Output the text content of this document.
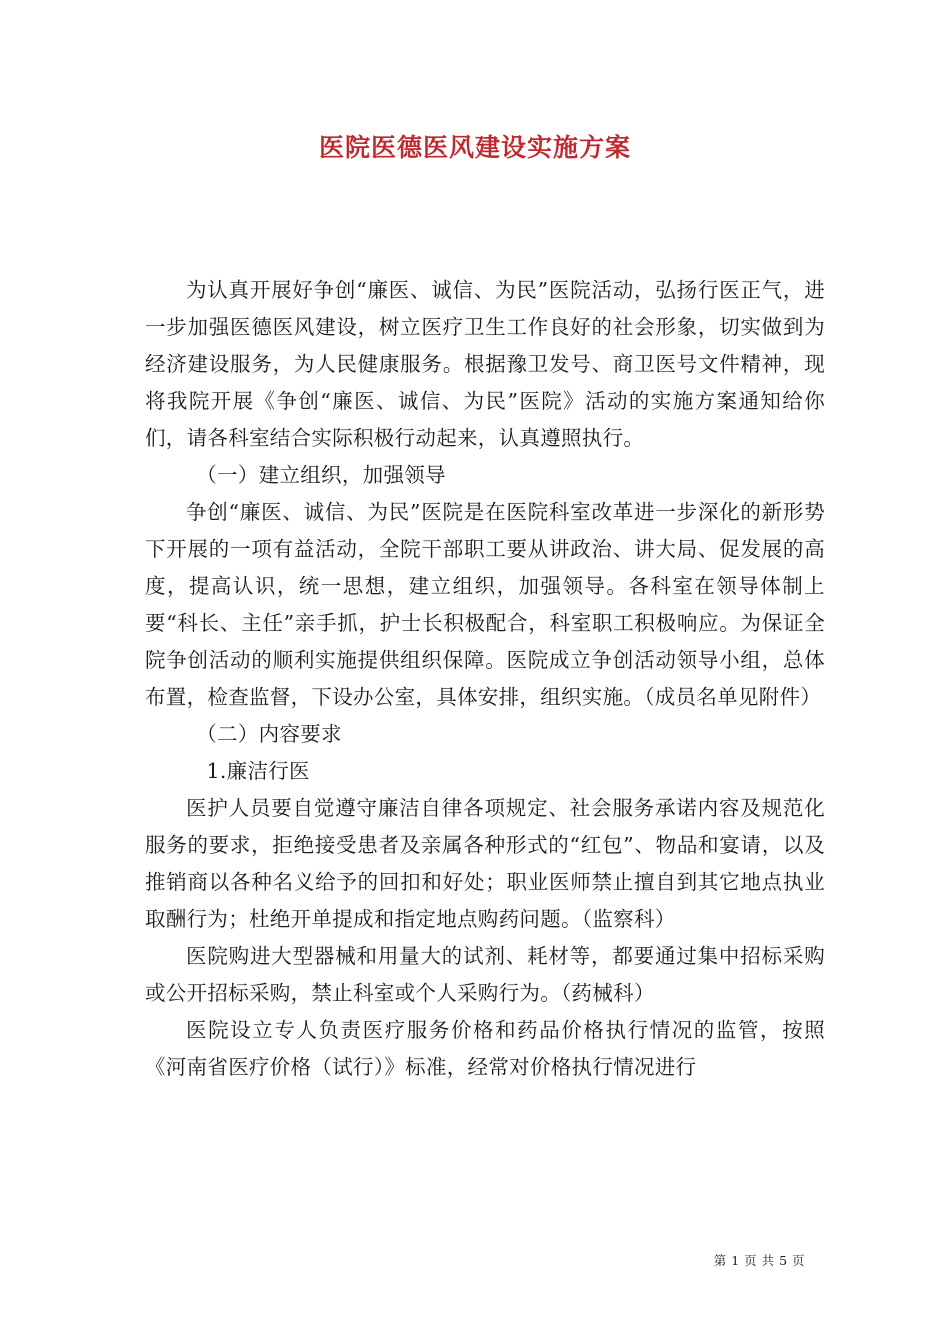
医院医德医风建设实施方案

为认真开展好争创“廉医、诚信、为民”医院活动，弘扬行医正气，进一步加强医德医风建设，树立医疗卫生工作良好的社会形象，切实做到为经济建设服务，为人民健康服务。根据豫卫发号、商卫医号文件精神，现将我院开展《争创“廉医、诚信、为民”医院》活动的实施方案通知给你们，请各科室结合实际积极行动起来，认真遵照执行。

（一）建立组织，加强领导

争创“廉医、诚信、为民”医院是在医院科室改革进一步深化的新形势下开展的一项有益活动，全院干部职工要从讲政治、讲大局、促发展的高度，提高认识，统一思想，建立组织，加强领导。各科室在领导体制上要“科长、主任”亲手抓，护士长积极配合，科室职工积极响应。为保证全院争创活动的顺利实施提供组织保障。医院成立争创活动领导小组，总体布置，检查监督，下设办公室，具体安排，组织实施。（成员名单见附件）

（二）内容要求

1.廉洁行医

医护人员要自觉遵守廉洁自律各项规定、社会服务承诺内容及规范化服务的要求，拒绝接受患者及亲属各种形式的“红包”、物品和宴请，以及推销商以各种名义给予的回扣和好处；职业医师禁止擅自到其它地点执业取酬行为；杜绝开单提成和指定地点购药问题。（监察科）

医院购进大型器械和用量大的试剂、耗材等，都要通过集中招标采购或公开招标采购，禁止科室或个人采购行为。（药械科）

医院设立专人负责医疗服务价格和药品价格执行情况的监管，按照《河南省医疗价格（试行）》标准，经常对价格执行情况进行

第 1 页 共 5 页
